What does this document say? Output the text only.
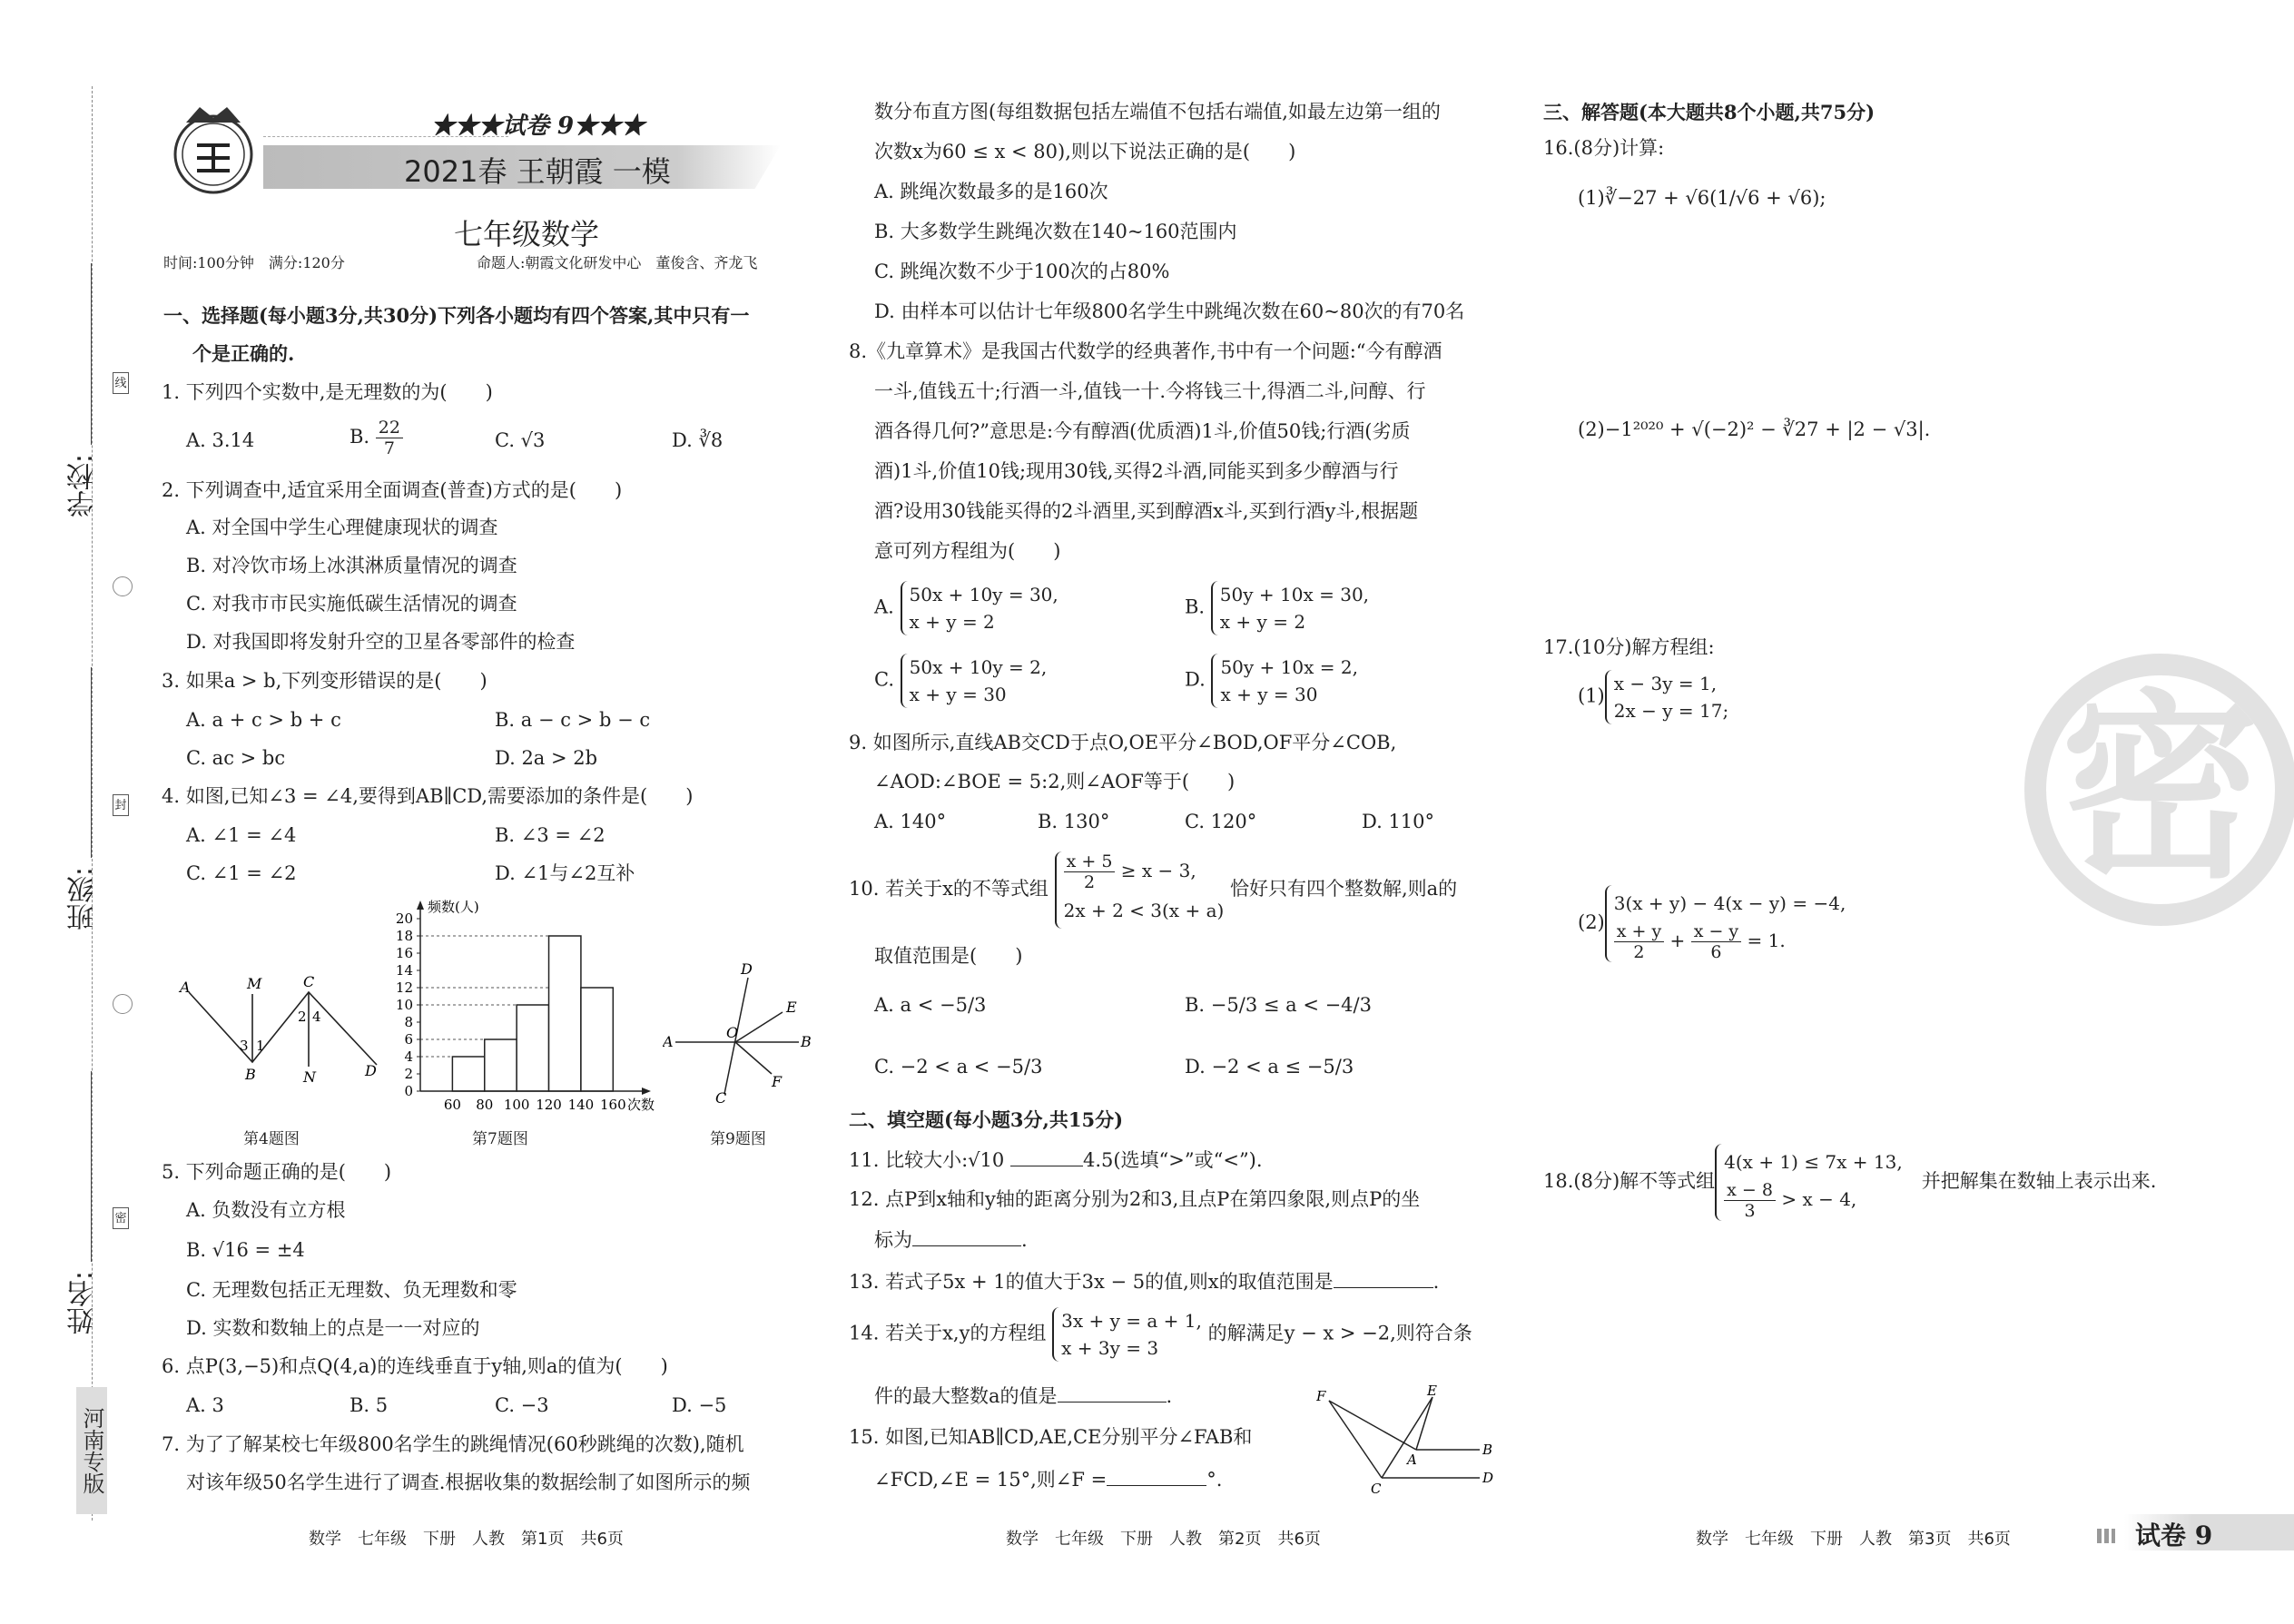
学校:
班级:
姓名:
线
封
密
河南专版
★★★试卷 9★★★
2021春 王朝霞 一模
七年级数学
时间:100分钟　满分:120分	命题人:朝霞文化研发中心　董俊含、齐龙飞
一、选择题(每小题3分,共30分)下列各小题均有四个答案,其中只有一
个是正确的.
1. 下列四个实数中,是无理数的为(　　)
A. 3.14	B. $\frac{22}{7}$	C. √3	D. ∛8
2. 下列调查中,适宜采用全面调查(普查)方式的是(　　)
A. 对全国中学生心理健康现状的调查
B. 对冷饮市场上冰淇淋质量情况的调查
C. 对我市市民实施低碳生活情况的调查
D. 对我国即将发射升空的卫星各零部件的检查
3. 如果a > b,下列变形错误的是(　　)
A. a + c > b + c	B. a − c > b − c
C. ac > bc	D. 2a > 2b
4. 如图,已知∠3 = ∠4,要得到AB∥CD,需要添加的条件是(　　)
A. ∠1 = ∠4	B. ∠3 = ∠2
C. ∠1 = ∠2	D. ∠1与∠2互补
A	M	C
3 1
2 4
B	N	D
第4题图
0
2
4
6
8
10
12
14
16
18
20
60 80 100 120 140 160
频数(人)
次数
第7题图
D
E
A
O
B
C
F
第9题图
5. 下列命题正确的是(　　)
A. 负数没有立方根
B. √16 = ±4
C. 无理数包括正无理数、负无理数和零
D. 实数和数轴上的点是一一对应的
6. 点P(3,−5)和点Q(4,a)的连线垂直于y轴,则a的值为(　　)
A. 3	B. 5	C. −3	D. −5
7. 为了了解某校七年级800名学生的跳绳情况(60秒跳绳的次数),随机
对该年级50名学生进行了调查.根据收集的数据绘制了如图所示的频
数学　七年级　下册　人教　第1页　共6页
数分布直方图(每组数据包括左端值不包括右端值,如最左边第一组的
次数x为60 ≤ x < 80),则以下说法正确的是(　　)
A. 跳绳次数最多的是160次
B. 大多数学生跳绳次数在140~160范围内
C. 跳绳次数不少于100次的占80%
D. 由样本可以估计七年级800名学生中跳绳次数在60~80次的有70名
8.《九章算术》是我国古代数学的经典著作,书中有一个问题:“今有醇酒
一斗,值钱五十;行酒一斗,值钱一十.今将钱三十,得酒二斗,问醇、行
酒各得几何?”意思是:今有醇酒(优质酒)1斗,价值50钱;行酒(劣质
酒)1斗,价值10钱;现用30钱,买得2斗酒,同能买到多少醇酒与行
酒?设用30钱能买得的2斗酒里,买到醇酒x斗,买到行酒y斗,根据题
意可列方程组为(　　)
A. 50x + 10y = 30,
x + y = 2
B. 50y + 10x = 30,
x + y = 2
C. 50x + 10y = 2,
x + y = 30
D. 50y + 10x = 2,
x + y = 30
9. 如图所示,直线AB交CD于点O,OE平分∠BOD,OF平分∠COB,
∠AOD:∠BOE = 5:2,则∠AOF等于(　　)
A. 140°	B. 130°	C. 120°	D. 110°
10. 若关于x的不等式组 $\frac{x + 5}{2} \ge x - 3$,
2x + 2 < 3(x + a) 恰好只有四个整数解,则a的
取值范围是(　　)
A. a < −5/3	B. −5/3 ≤ a < −4/3
C. −2 < a < −5/3	D. −2 < a ≤ −5/3
二、填空题(每小题3分,共15分)
11. 比较大小:√10	4.5(选填“>”或“<”).
12. 点P到x轴和y轴的距离分别为2和3,且点P在第四象限,则点P的坐
标为	.
13. 若式子5x + 1的值大于3x − 5的值,则x的取值范围是	.
14. 若关于x,y的方程组 3x + y = a + 1,
x + 3y = 3 的解满足y − x > −2,则符合条
件的最大整数a的值是	.
15. 如图,已知AB∥CD,AE,CE分别平分∠FAB和
∠FCD,∠E = 15°,则∠F =	°.
F	E
A
B
C
D
数学　七年级　下册　人教　第2页　共6页
三、解答题(本大题共8个小题,共75分)
16.(8分)计算:
(1)∛−27 + √6(1/√6 + √6);
(2)−1²⁰²⁰ + √(−2)² − ∛27 + |2 − √3|.
17.(10分)解方程组:
(1)x − 3y = 1,
2x − y = 17;
(2)3(x + y) − 4(x − y) = −4,

$\frac{x + y}{2} + \frac{x - y}{6} = 1$.
18.(8分)解不等式组4(x + 1) ≤ 7x + 13,

$\frac{x - 8}{3} > x - 4$,　并把解集在数轴上表示出来.
密
数学　七年级　下册　人教　第3页　共6页	试卷 9
